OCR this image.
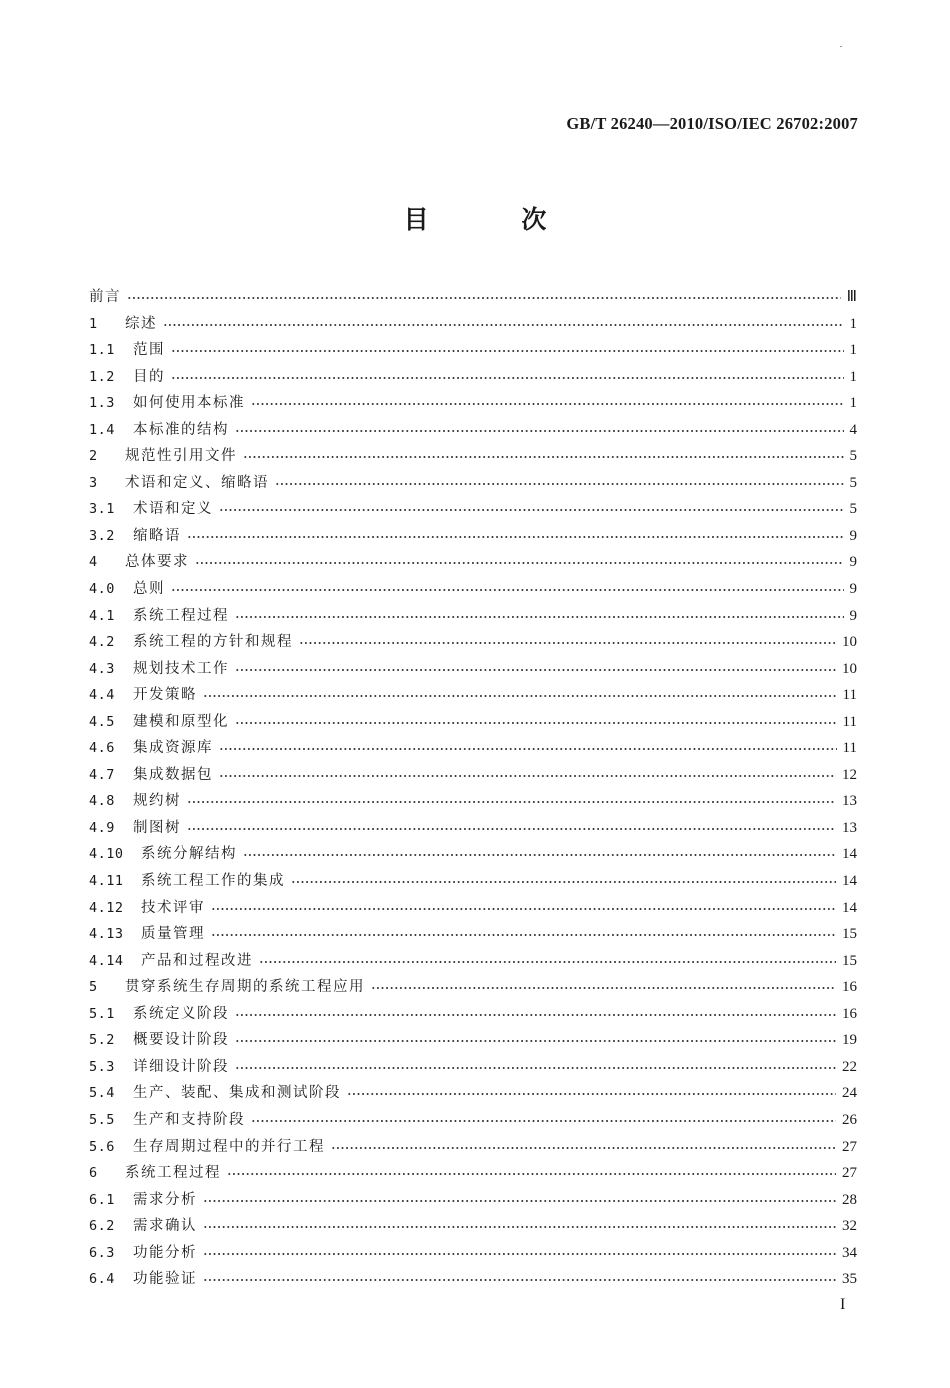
GB/T 26240—2010/ISO/IEC 26702:2007
目 次
前言	Ⅲ
1	综述	1
1.1	范围	1
1.2	目的	1
1.3	如何使用本标准	1
1.4	本标准的结构	4
2	规范性引用文件	5
3	术语和定义、缩略语	5
3.1	术语和定义	5
3.2	缩略语	9
4	总体要求	9
4.0	总则	9
4.1	系统工程过程	9
4.2	系统工程的方针和规程	10
4.3	规划技术工作	10
4.4	开发策略	11
4.5	建模和原型化	11
4.6	集成资源库	11
4.7	集成数据包	12
4.8	规约树	13
4.9	制图树	13
4.10	系统分解结构	14
4.11	系统工程工作的集成	14
4.12	技术评审	14
4.13	质量管理	15
4.14	产品和过程改进	15
5	贯穿系统生存周期的系统工程应用	16
5.1	系统定义阶段	16
5.2	概要设计阶段	19
5.3	详细设计阶段	22
5.4	生产、装配、集成和测试阶段	24
5.5	生产和支持阶段	26
5.6	生存周期过程中的并行工程	27
6	系统工程过程	27
6.1	需求分析	28
6.2	需求确认	32
6.3	功能分析	34
6.4	功能验证	35
I
